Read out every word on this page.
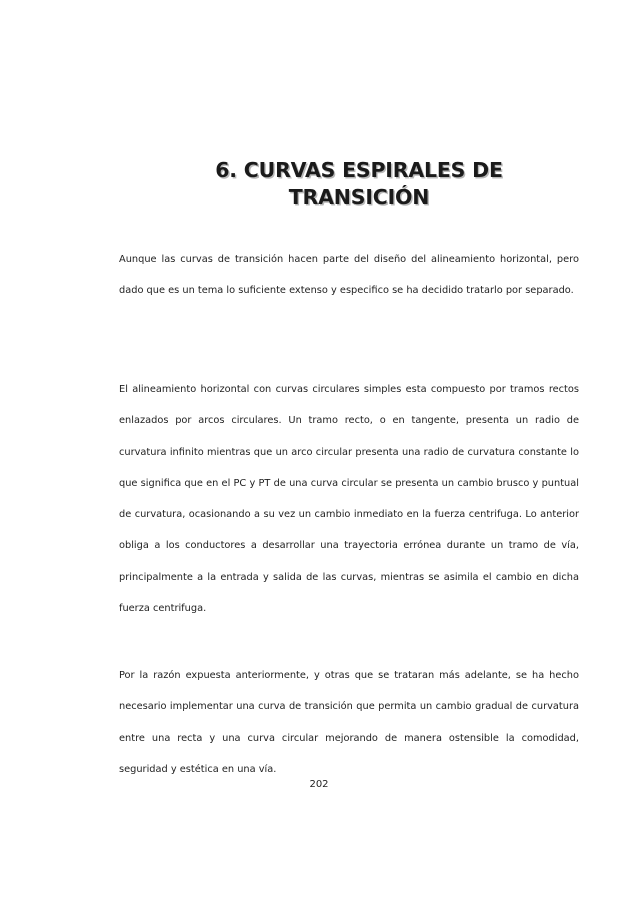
6. CURVAS ESPIRALES DE
TRANSICIÓN

Aunque las curvas de transición hacen parte del diseño del alineamiento horizontal, pero dado que es un tema lo suficiente extenso y especifico se ha decidido tratarlo por separado.

El alineamiento horizontal con curvas circulares simples esta compuesto por tramos rectos enlazados por arcos circulares. Un tramo recto, o en tangente, presenta un radio de curvatura infinito mientras que un arco circular presenta una radio de curvatura constante lo que significa que en el PC y PT de una curva circular se presenta un cambio brusco y puntual de curvatura, ocasionando a su vez un cambio inmediato en la fuerza centrifuga. Lo anterior obliga a los conductores a desarrollar una trayectoria errónea durante un tramo de vía, principalmente a la entrada y salida de las curvas, mientras se asimila el cambio en dicha fuerza centrifuga.

Por la razón expuesta anteriormente, y otras que se trataran más adelante, se ha hecho necesario implementar una curva de transición que permita un cambio gradual de curvatura entre una recta y una curva circular mejorando de manera ostensible la comodidad, seguridad y estética en una vía.

202
